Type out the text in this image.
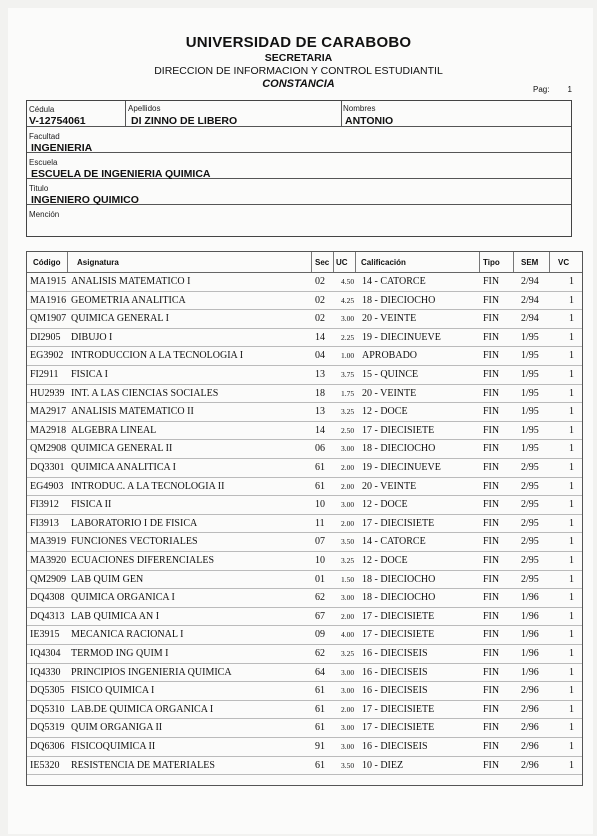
UNIVERSIDAD DE CARABOBO
SECRETARIA
DIRECCION DE INFORMACION Y CONTROL ESTUDIANTIL
CONSTANCIA	Pag: 1
Cédula
V-12754061
Apellidos
DI ZINNO DE LIBERO
Nombres
ANTONIO
Facultad
INGENIERIA
Escuela
ESCUELA DE INGENIERIA QUIMICA
Titulo
INGENIERO QUIMICO
Mención
Código Asignatura	Sec UC Calificación	Tipo	SEM VC
MA1915 ANALISIS MATEMATICO I	02 4.50 14 - CATORCE	FIN 2/94	1
MA1916 GEOMETRIA ANALITICA	02 4.25 18 - DIECIOCHO	FIN 2/94	1
QM1907 QUIMICA GENERAL I	02 3.00 20 - VEINTE	FIN 2/94	1
DI2905 DIBUJO I	14 2.25 19 - DIECINUEVE	FIN 1/95	1
EG3902 INTRODUCCION A LA TECNOLOGIA I	04 1.00 APROBADO	FIN 1/95	1
FI2911 FISICA I	13 3.75 15 - QUINCE	FIN 1/95	1
HU2939 INT. A LAS CIENCIAS SOCIALES	18 1.75 20 - VEINTE	FIN 1/95	1
MA2917 ANALISIS MATEMATICO II	13 3.25 12 - DOCE	FIN 1/95	1
MA2918 ALGEBRA LINEAL	14 2.50 17 - DIECISIETE	FIN 1/95	1
QM2908 QUIMICA GENERAL II	06 3.00 18 - DIECIOCHO	FIN 1/95	1
DQ3301 QUIMICA ANALITICA I	61 2.00 19 - DIECINUEVE	FIN 2/95	1
EG4903 INTRODUC. A LA TECNOLOGIA II	61 2.00 20 - VEINTE	FIN 2/95	1
FI3912 FISICA II	10 3.00 12 - DOCE	FIN 2/95	1
FI3913 LABORATORIO I DE FISICA	11 2.00 17 - DIECISIETE	FIN 2/95	1
MA3919 FUNCIONES VECTORIALES	07 3.50 14 - CATORCE	FIN 2/95	1
MA3920 ECUACIONES DIFERENCIALES	10 3.25 12 - DOCE	FIN 2/95	1
QM2909 LAB QUIM GEN	01 1.50 18 - DIECIOCHO	FIN 2/95	1
DQ4308 QUIMICA ORGANICA I	62 3.00 18 - DIECIOCHO	FIN 1/96	1
DQ4313 LAB QUIMICA AN I	67 2.00 17 - DIECISIETE	FIN 1/96	1
IE3915 MECANICA RACIONAL I	09 4.00 17 - DIECISIETE	FIN 1/96	1
IQ4304 TERMOD ING QUIM I	62 3.25 16 - DIECISEIS	FIN 1/96	1
IQ4330 PRINCIPIOS INGENIERIA QUIMICA	64 3.00 16 - DIECISEIS	FIN 1/96	1
DQ5305 FISICO QUIMICA I	61 3.00 16 - DIECISEIS	FIN 2/96	1
DQ5310 LAB.DE QUIMICA ORGANICA I	61 2.00 17 - DIECISIETE	FIN 2/96	1
DQ5319 QUIM ORGANIGA II	61 3.00 17 - DIECISIETE	FIN 2/96	1
DQ6306 FISICOQUIMICA II	91 3.00 16 - DIECISEIS	FIN 2/96	1
IE5320 RESISTENCIA DE MATERIALES	61 3.50 10 - DIEZ	FIN 2/96	1
